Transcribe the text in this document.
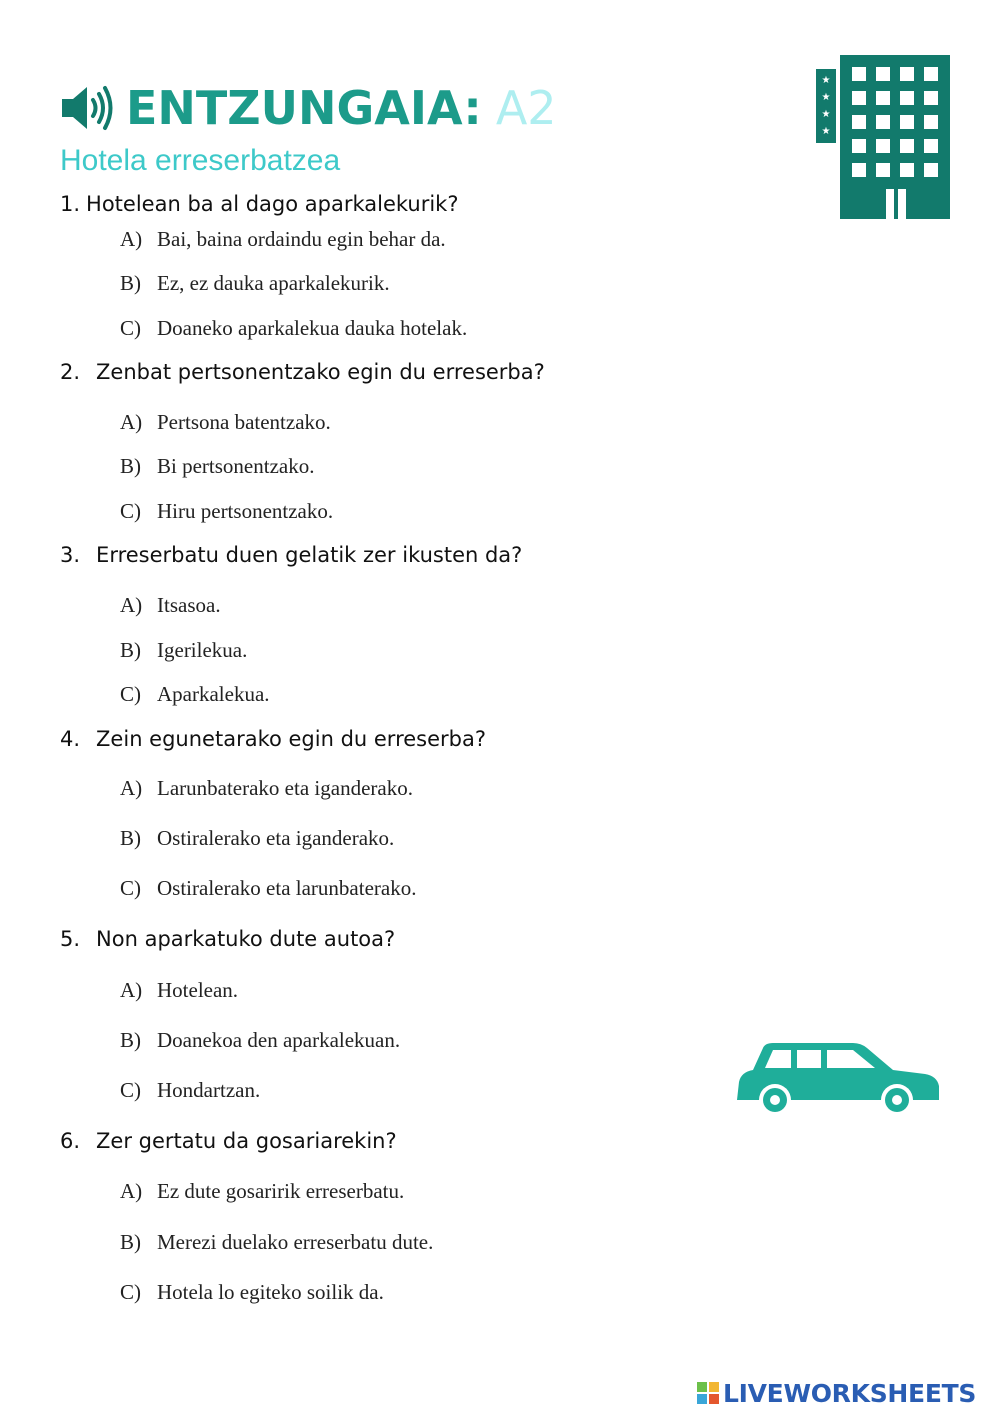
ENTZUNGAIA: A2
Hotela erreserbatzea
★
★
★
★
1. Hotelean ba al dago aparkalekurik?
A) Bai, baina ordaindu egin behar da.
B) Ez, ez dauka aparkalekurik.
C) Doaneko aparkalekua dauka hotelak.
2. Zenbat pertsonentzako egin du erreserba?
A) Pertsona batentzako.
B) Bi pertsonentzako.
C) Hiru pertsonentzako.
3. Erreserbatu duen gelatik zer ikusten da?
A) Itsasoa.
B) Igerilekua.
C) Aparkalekua.
4. Zein egunetarako egin du erreserba?
A) Larunbaterako eta iganderako.
B) Ostiralerako eta iganderako.
C) Ostiralerako eta larunbaterako.
5. Non aparkatuko dute autoa?
A) Hotelean.
B) Doanekoa den aparkalekuan.
C) Hondartzan.
6. Zer gertatu da gosariarekin?
A) Ez dute gosaririk erreserbatu.
B) Merezi duelako erreserbatu dute.
C) Hotela lo egiteko soilik da.
LIVEWORKSHEETS
